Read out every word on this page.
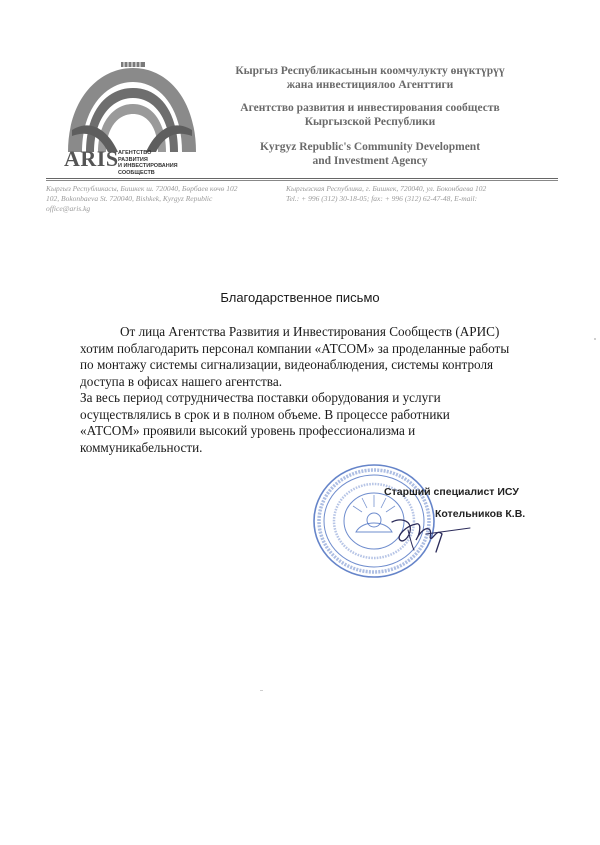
ARIS АГЕНТСТВО
РАЗВИТИЯ
И ИНВЕСТИРОВАНИЯ
СООБЩЕСТВ
Кыргыз Республикасынын коомчулукту өнүктүрүү
жана инвестициялоо Агенттиги
Агентство развития и инвестирования сообществ
Кыргызской Республики
Kyrgyz Republic's Community Development
and Investment Agency
Кыргыз Республикасы, Бишкек ш. 720040, Бөрбаев көчө 102
102, Bokonbaeva St. 720040, Bishkek, Kyrgyz Republic
office@aris.kg
Кыргызская Республика, г. Бишкек, 720040, ул. Боконбаева 102
Tel.: + 996 (312) 30-18-05; fax: + 996 (312) 62-47-48, E-mail:
Благодарственное письмо
От лица Агентства Развития и Инвестирования Сообществ (АРИС)
хотим поблагодарить персонал компании «АТСОМ» за проделанные работы
по монтажу системы сигнализации, видеонаблюдения, системы контроля
доступа в офисах нашего агентства.
За весь период сотрудничества поставки оборудования и услуги
осуществлялись в срок и в полном объеме. В процессе работники
«АТСОМ» проявили высокий уровень профессионализма и
коммуникабельности.
Старший специалист ИСУ
Котельников К.В.
